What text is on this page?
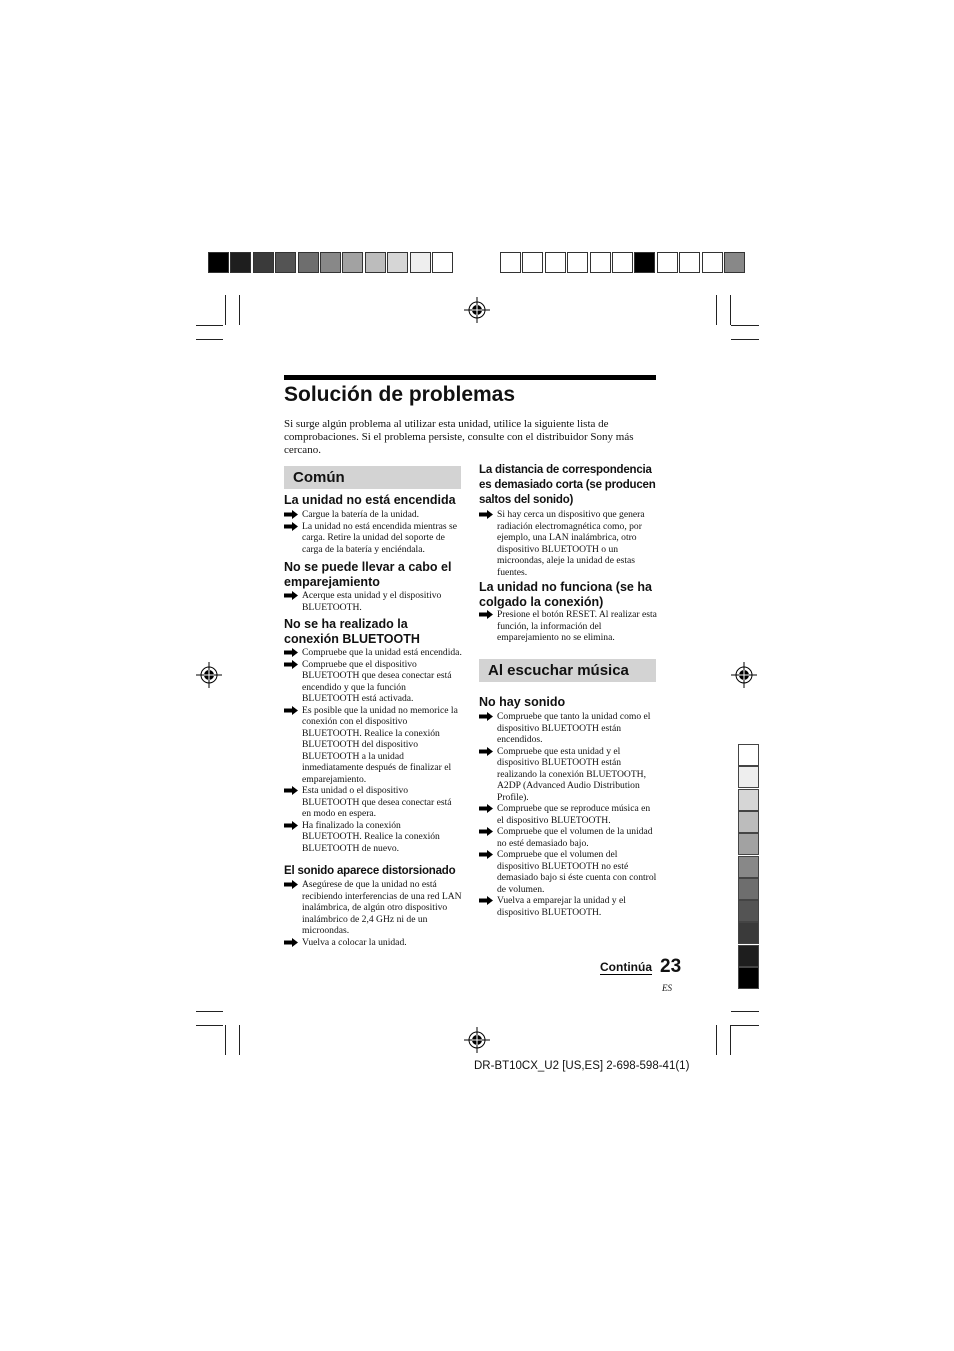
Solución de problemas
Si surge algún problema al utilizar esta unidad, utilice la siguiente lista de comprobaciones. Si el problema persiste, consulte con el distribuidor Sony más cercano.
Común
La unidad no está encendida
Cargue la batería de la unidad.
La unidad no está encendida mientras se carga. Retire la unidad del soporte de carga de la batería y enciéndala.
No se puede llevar a cabo el emparejamiento
Acerque esta unidad y el dispositivo BLUETOOTH.
No se ha realizado la conexión BLUETOOTH
Compruebe que la unidad está encendida.
Compruebe que el dispositivo BLUETOOTH que desea conectar está encendido y que la función BLUETOOTH está activada.
Es posible que la unidad no memorice la conexión con el dispositivo BLUETOOTH. Realice la conexión BLUETOOTH del dispositivo BLUETOOTH a la unidad inmediatamente después de finalizar el emparejamiento.
Esta unidad o el dispositivo BLUETOOTH que desea conectar está en modo en espera.
Ha finalizado la conexión BLUETOOTH. Realice la conexión BLUETOOTH de nuevo.
El sonido aparece distorsionado
Asegúrese de que la unidad no está recibiendo interferencias de una red LAN inalámbrica, de algún otro dispositivo inalámbrico de 2,4 GHz ni de un microondas.
Vuelva a colocar la unidad.
La distancia de correspondencia es demasiado corta (se producen saltos del sonido)
Si hay cerca un dispositivo que genera radiación electromagnética como, por ejemplo, una LAN inalámbrica, otro dispositivo BLUETOOTH o un microondas, aleje la unidad de estas fuentes.
La unidad no funciona (se ha colgado la conexión)
Presione el botón RESET. Al realizar esta función, la información del emparejamiento no se elimina.
Al escuchar música
No hay sonido
Compruebe que tanto la unidad como el dispositivo BLUETOOTH están encendidos.
Compruebe que esta unidad y el dispositivo BLUETOOTH están realizando la conexión BLUETOOTH, A2DP (Advanced Audio Distribution Profile).
Compruebe que se reproduce música en el dispositivo BLUETOOTH.
Compruebe que el volumen de la unidad no esté demasiado bajo.
Compruebe que el volumen del dispositivo BLUETOOTH no esté demasiado bajo si éste cuenta con control de volumen.
Vuelva a emparejar la unidad y el dispositivo BLUETOOTH.
Continúa 23
ES
DR-BT10CX_U2 [US,ES] 2-698-598-41(1)
